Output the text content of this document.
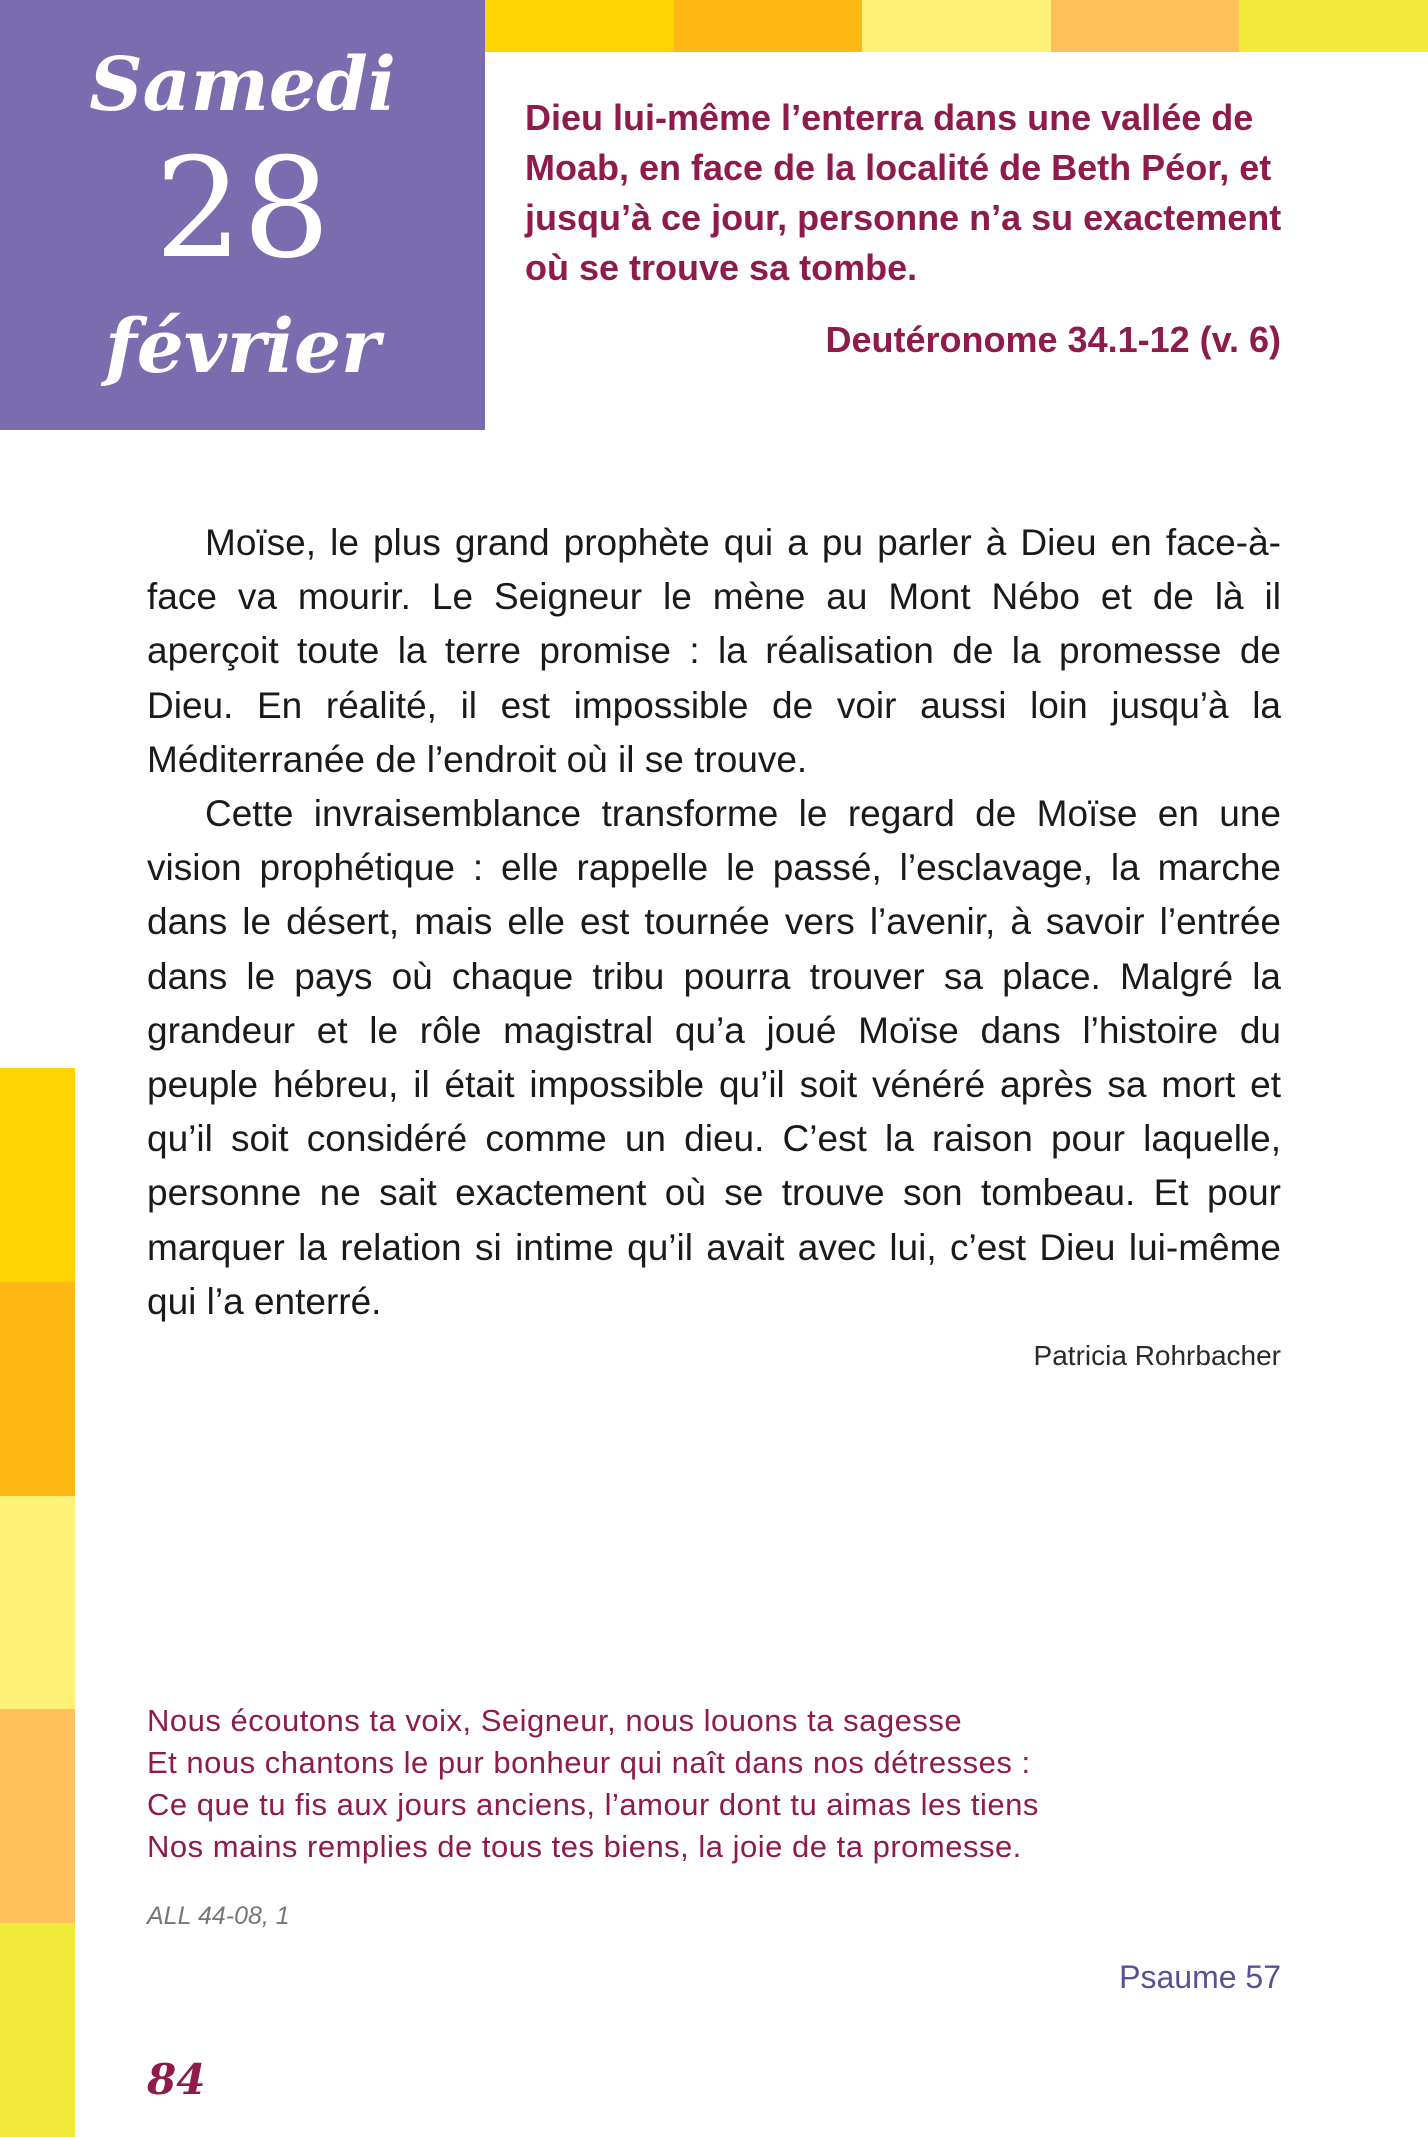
Samedi
28
février
Dieu lui-même l’enterra dans une vallée de Moab, en face de la localité de Beth Péor, et jusqu’à ce jour, personne n’a su exactement où se trouve sa tombe.
Deutéronome 34.1-12 (v. 6)

Moïse, le plus grand prophète qui a pu parler à Dieu en face-à-face va mourir. Le Seigneur le mène au Mont Nébo et de là il aperçoit toute la terre promise : la réalisation de la promesse de Dieu. En réalité, il est impossible de voir aussi loin jusqu’à la Méditerranée de l’endroit où il se trouve.

Cette invraisemblance transforme le regard de Moïse en une vision prophétique : elle rappelle le passé, l’esclavage, la marche dans le désert, mais elle est tournée vers l’avenir, à savoir l’entrée dans le pays où chaque tribu pourra trouver sa place. Malgré la grandeur et le rôle magistral qu’a joué Moïse dans l’histoire du peuple hébreu, il était impossible qu’il soit vénéré après sa mort et qu’il soit considéré comme un dieu. C’est la raison pour laquelle, personne ne sait exactement où se trouve son tombeau. Et pour marquer la relation si intime qu’il avait avec lui, c’est Dieu lui-même qui l’a enterré.

Patricia Rohrbacher
Nous écoutons ta voix, Seigneur, nous louons ta sagesse
Et nous chantons le pur bonheur qui naît dans nos détresses :
Ce que tu fis aux jours anciens, l’amour dont tu aimas les tiens
Nos mains remplies de tous tes biens, la joie de ta promesse.
ALL 44-08, 1
Psaume 57
84
